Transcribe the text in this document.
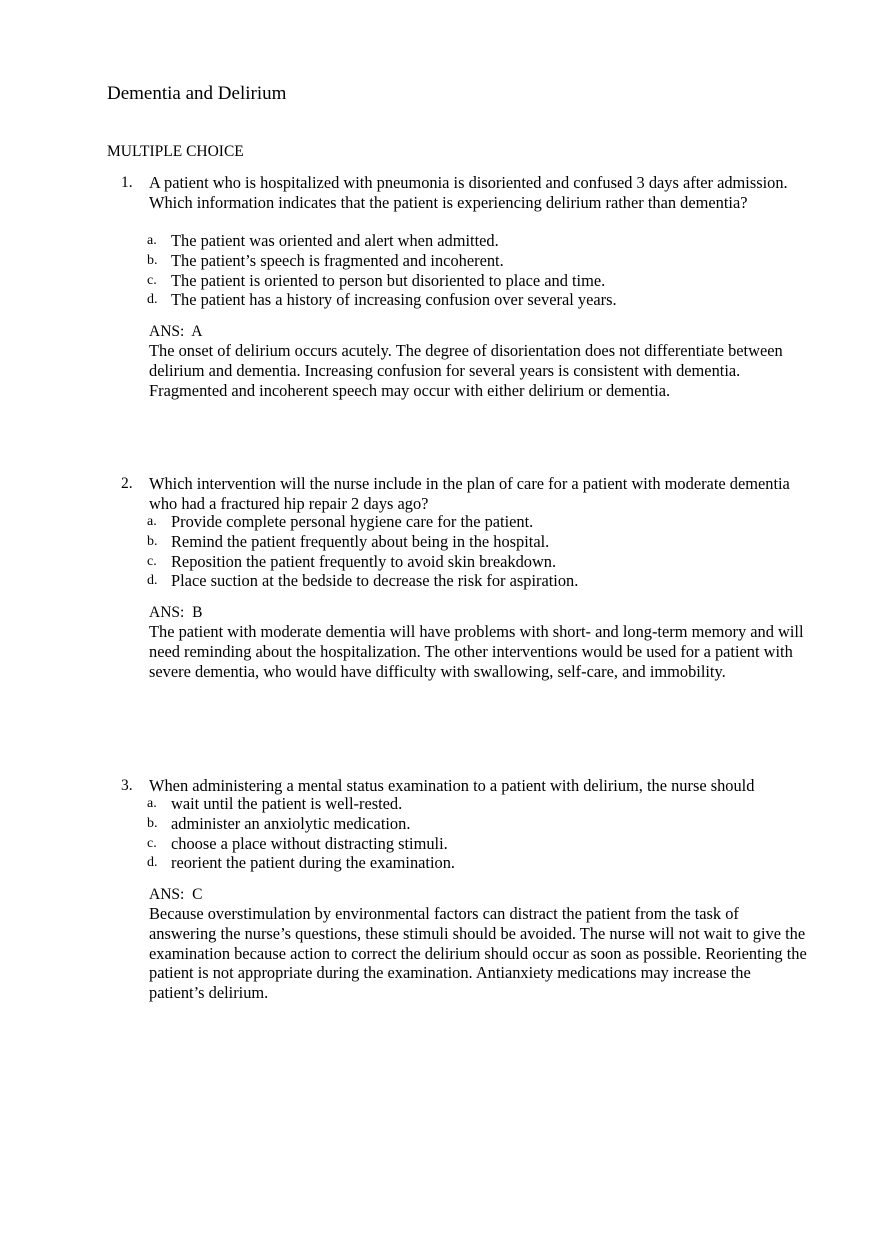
Dementia and Delirium
MULTIPLE CHOICE
1. A patient who is hospitalized with pneumonia is disoriented and confused 3 days after admission. Which information indicates that the patient is experiencing delirium rather than dementia?
a. The patient was oriented and alert when admitted.
b. The patient’s speech is fragmented and incoherent.
c. The patient is oriented to person but disoriented to place and time.
d. The patient has a history of increasing confusion over several years.
ANS:  A
The onset of delirium occurs acutely. The degree of disorientation does not differentiate between delirium and dementia. Increasing confusion for several years is consistent with dementia. Fragmented and incoherent speech may occur with either delirium or dementia.
2. Which intervention will the nurse include in the plan of care for a patient with moderate dementia who had a fractured hip repair 2 days ago?
a. Provide complete personal hygiene care for the patient.
b. Remind the patient frequently about being in the hospital.
c. Reposition the patient frequently to avoid skin breakdown.
d. Place suction at the bedside to decrease the risk for aspiration.
ANS:  B
The patient with moderate dementia will have problems with short- and long-term memory and will need reminding about the hospitalization. The other interventions would be used for a patient with severe dementia, who would have difficulty with swallowing, self-care, and immobility.
3. When administering a mental status examination to a patient with delirium, the nurse should
a. wait until the patient is well-rested.
b. administer an anxiolytic medication.
c. choose a place without distracting stimuli.
d. reorient the patient during the examination.
ANS:  C
Because overstimulation by environmental factors can distract the patient from the task of answering the nurse’s questions, these stimuli should be avoided. The nurse will not wait to give the examination because action to correct the delirium should occur as soon as possible. Reorienting the patient is not appropriate during the examination. Antianxiety medications may increase the patient’s delirium.
